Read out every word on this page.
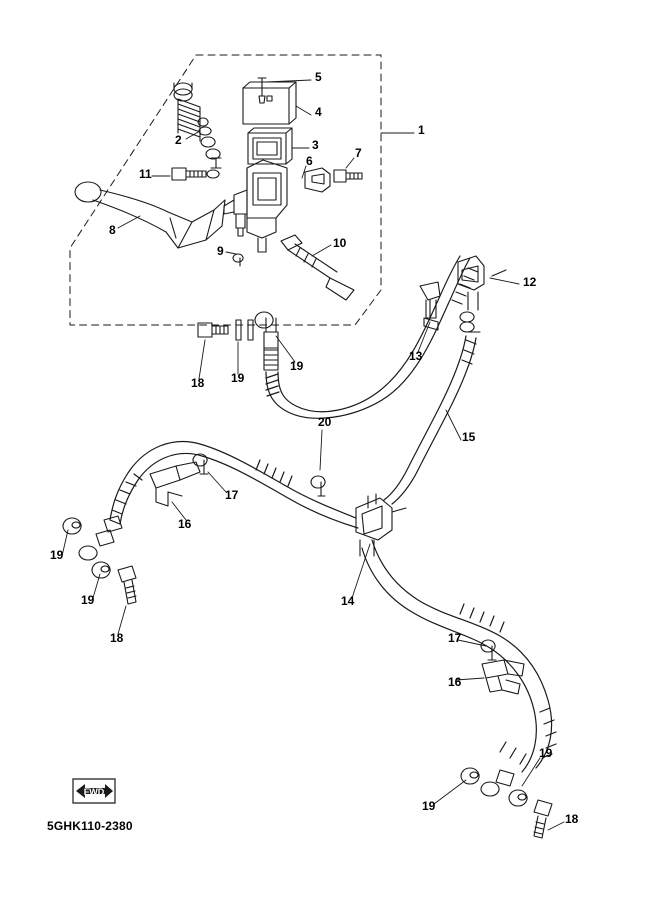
1
2	3
4
5
6
7
8
9
10
11
12
13
14
15
16
17
16
17
18 19
19
20
19
19
18
19
19
18
FWD
5GHK110-2380
